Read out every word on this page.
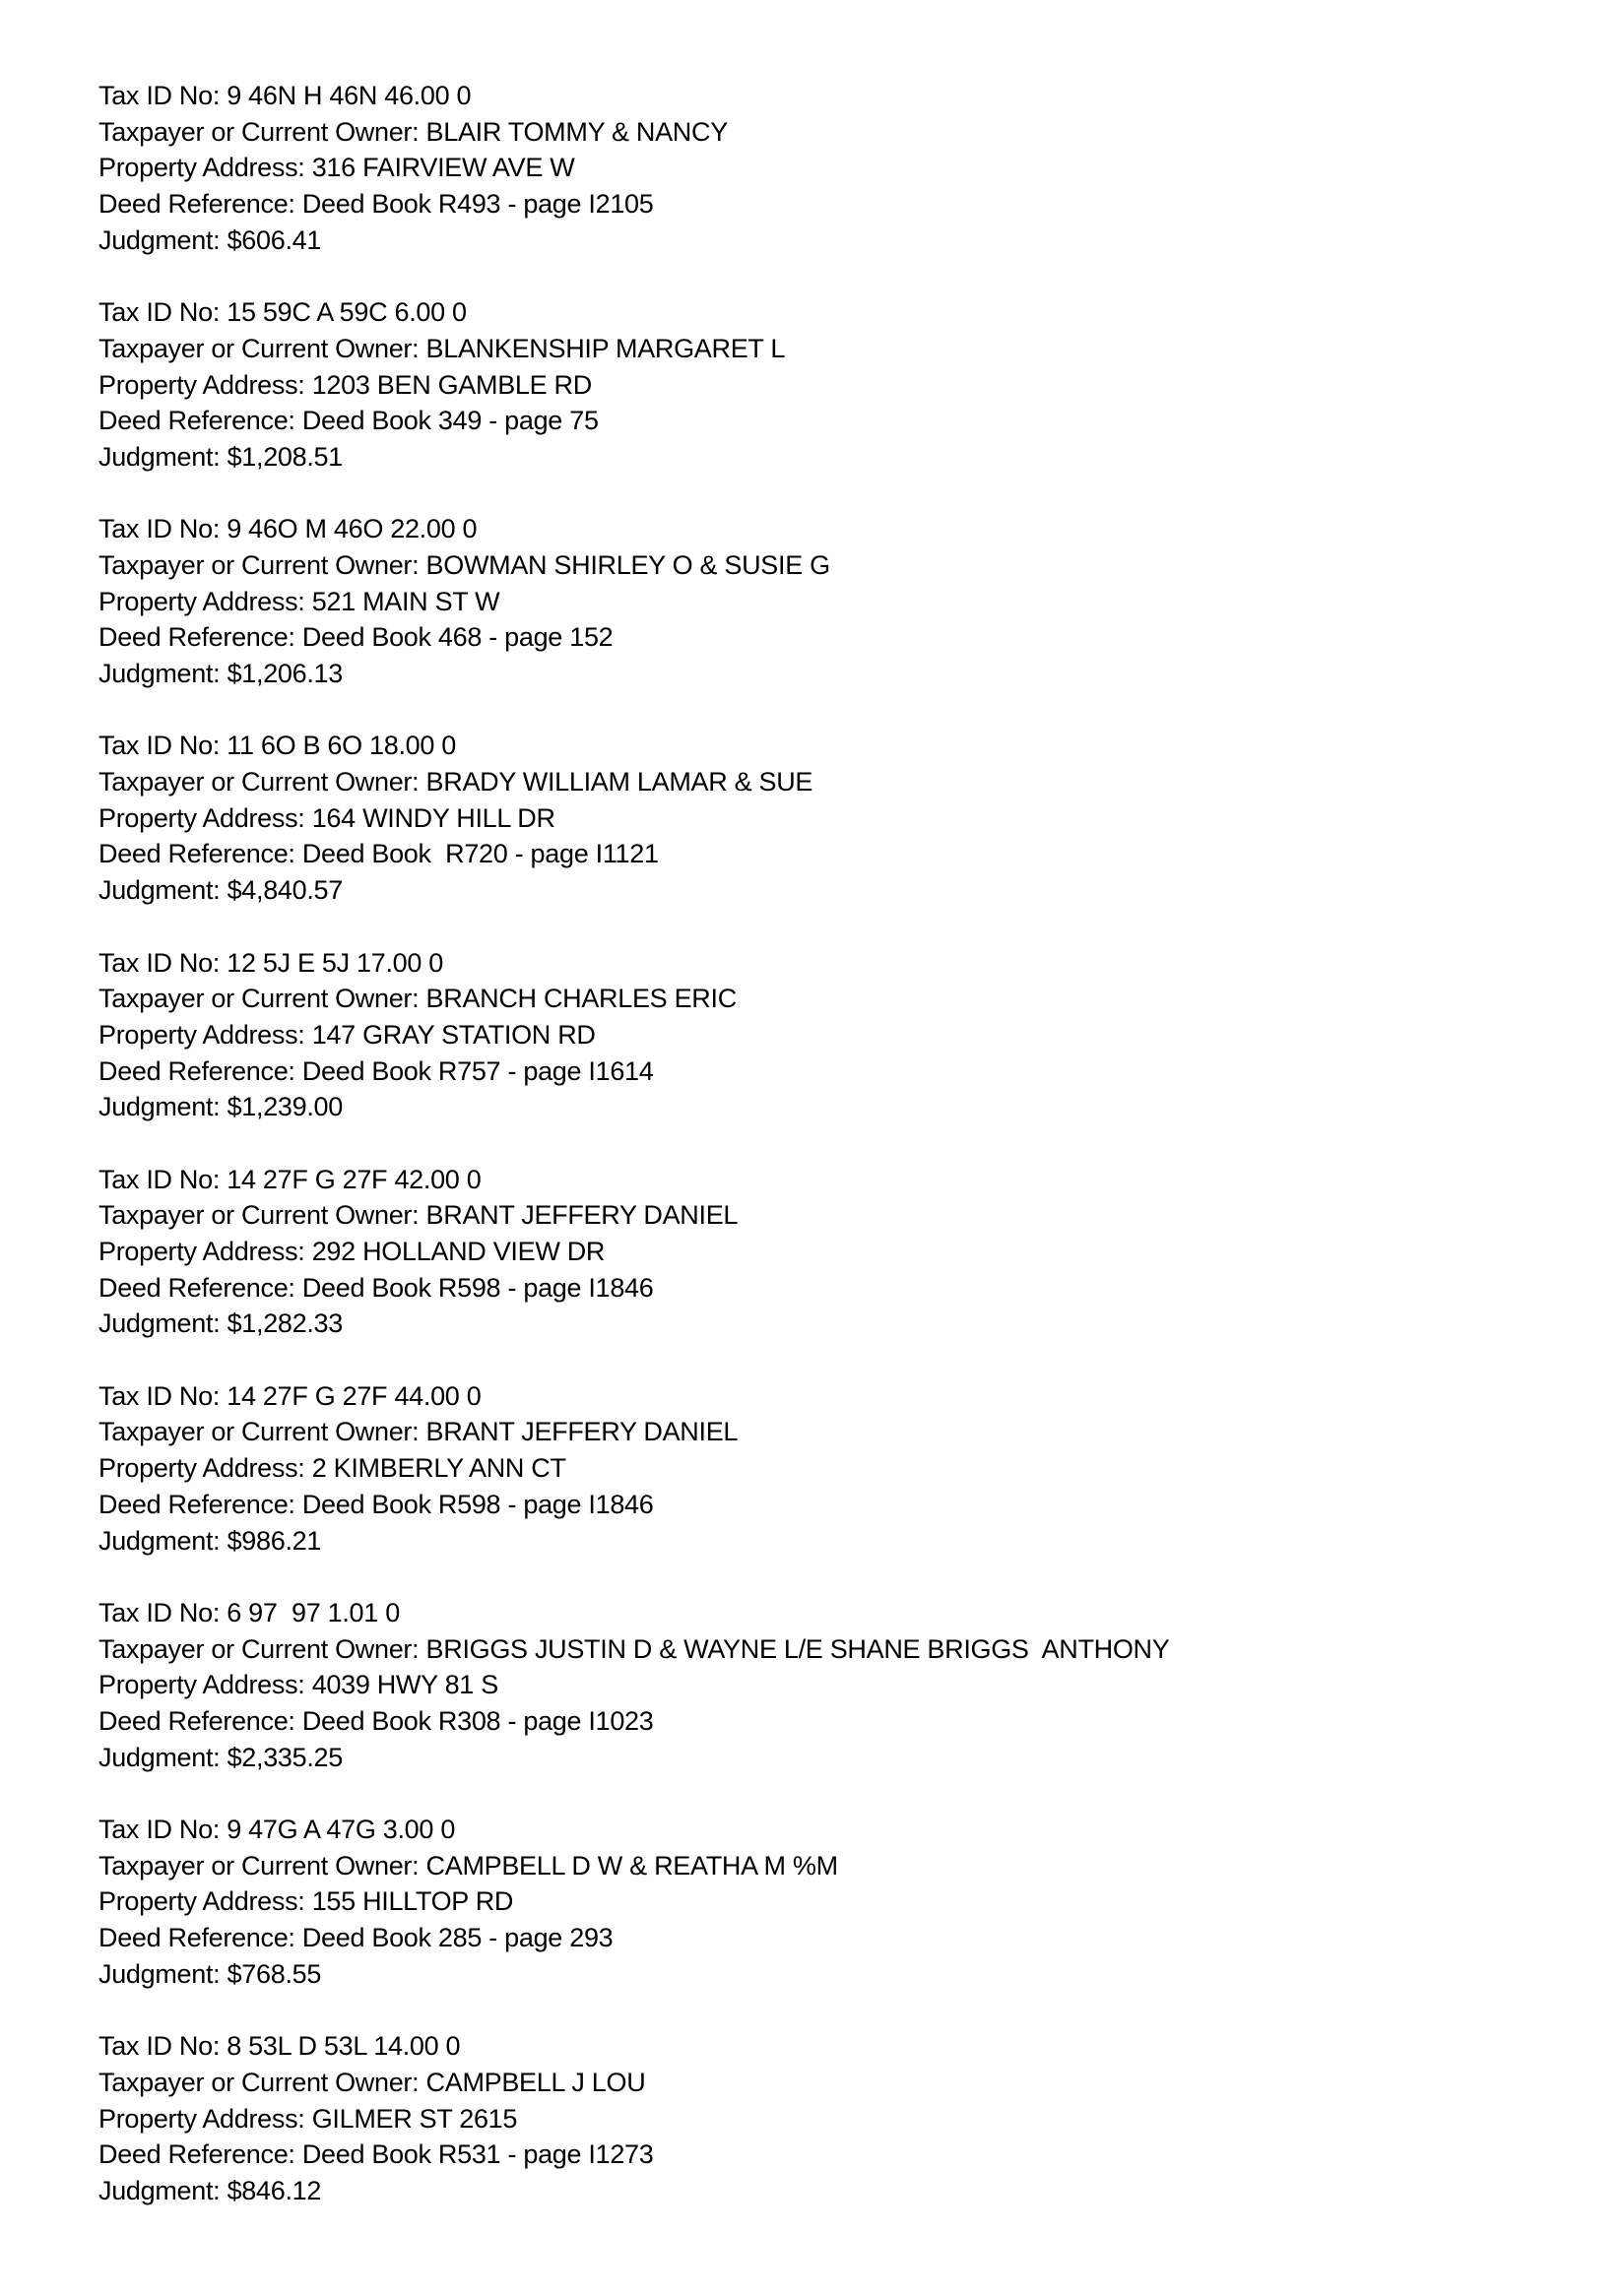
Tax ID No: 9 46N H 46N 46.00 0
Taxpayer or Current Owner: BLAIR TOMMY & NANCY
Property Address: 316 FAIRVIEW AVE W
Deed Reference: Deed Book R493 - page I2105
Judgment: $606.41
Tax ID No: 15 59C A 59C 6.00 0
Taxpayer or Current Owner: BLANKENSHIP MARGARET L
Property Address: 1203 BEN GAMBLE RD
Deed Reference: Deed Book 349 - page 75
Judgment: $1,208.51
Tax ID No: 9 46O M 46O 22.00 0
Taxpayer or Current Owner: BOWMAN SHIRLEY O & SUSIE G
Property Address: 521 MAIN ST W
Deed Reference: Deed Book 468 - page 152
Judgment: $1,206.13
Tax ID No: 11 6O B 6O 18.00 0
Taxpayer or Current Owner: BRADY WILLIAM LAMAR & SUE
Property Address: 164 WINDY HILL DR
Deed Reference: Deed Book  R720 - page I1121
Judgment: $4,840.57
Tax ID No: 12 5J E 5J 17.00 0
Taxpayer or Current Owner: BRANCH CHARLES ERIC
Property Address: 147 GRAY STATION RD
Deed Reference: Deed Book R757 - page I1614
Judgment: $1,239.00
Tax ID No: 14 27F G 27F 42.00 0
Taxpayer or Current Owner: BRANT JEFFERY DANIEL
Property Address: 292 HOLLAND VIEW DR
Deed Reference: Deed Book R598 - page I1846
Judgment: $1,282.33
Tax ID No: 14 27F G 27F 44.00 0
Taxpayer or Current Owner: BRANT JEFFERY DANIEL
Property Address: 2 KIMBERLY ANN CT
Deed Reference: Deed Book R598 - page I1846
Judgment: $986.21
Tax ID No: 6 97  97 1.01 0
Taxpayer or Current Owner: BRIGGS JUSTIN D & WAYNE L/E SHANE BRIGGS  ANTHONY
Property Address: 4039 HWY 81 S
Deed Reference: Deed Book R308 - page I1023
Judgment: $2,335.25
Tax ID No: 9 47G A 47G 3.00 0
Taxpayer or Current Owner: CAMPBELL D W & REATHA M %M
Property Address: 155 HILLTOP RD
Deed Reference: Deed Book 285 - page 293
Judgment: $768.55
Tax ID No: 8 53L D 53L 14.00 0
Taxpayer or Current Owner: CAMPBELL J LOU
Property Address: GILMER ST 2615
Deed Reference: Deed Book R531 - page I1273
Judgment: $846.12
